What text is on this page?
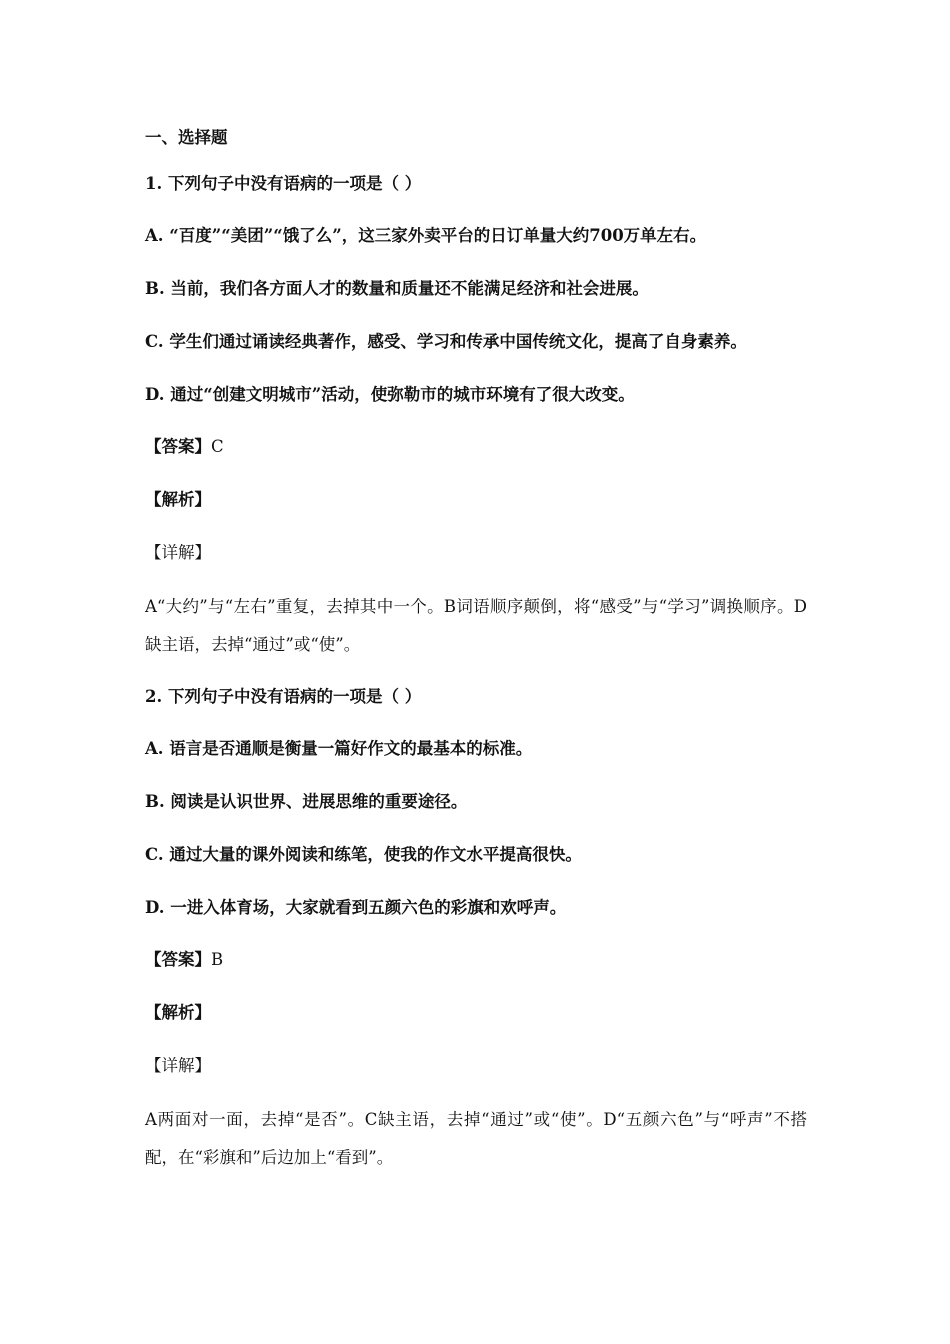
一、选择题
1. 下列句子中没有语病的一项是（ ）
A. “百度”“美团”“饿了么”，这三家外卖平台的日订单量大约700万单左右。
B. 当前，我们各方面人才的数量和质量还不能满足经济和社会进展。
C. 学生们通过诵读经典著作，感受、学习和传承中国传统文化，提高了自身素养。
D. 通过“创建文明城市”活动，使弥勒市的城市环境有了很大改变。
【答案】C
【解析】
【详解】
A“大约”与“左右”重复，去掉其中一个。B词语顺序颠倒，将“感受”与“学习”调换顺序。D缺主语，去掉“通过”或“使”。
2. 下列句子中没有语病的一项是（ ）
A. 语言是否通顺是衡量一篇好作文的最基本的标准。
B. 阅读是认识世界、进展思维的重要途径。
C. 通过大量的课外阅读和练笔，使我的作文水平提高很快。
D. 一进入体育场，大家就看到五颜六色的彩旗和欢呼声。
【答案】B
【解析】
【详解】
A两面对一面，去掉“是否”。C缺主语，去掉“通过”或“使”。D“五颜六色”与“呼声”不搭配，在“彩旗和”后边加上“看到”。
